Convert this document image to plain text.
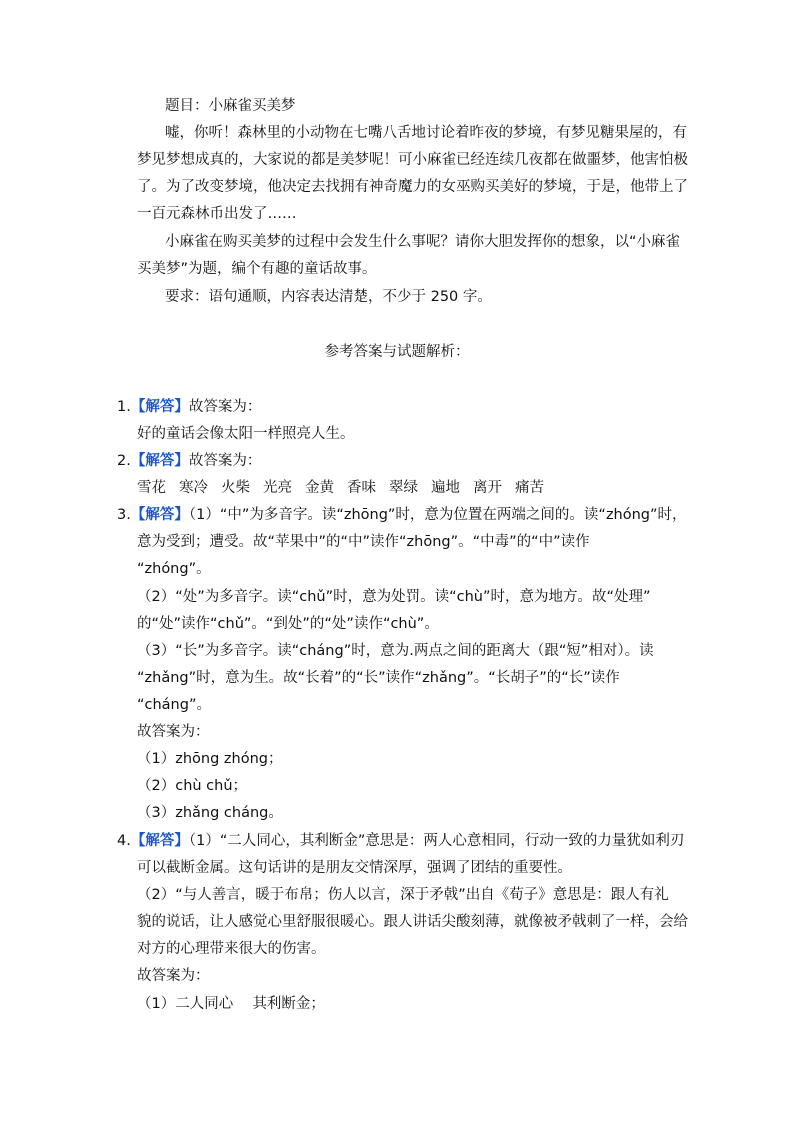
题目：小麻雀买美梦
嘘，你听！森林里的小动物在七嘴八舌地讨论着昨夜的梦境，有梦见糖果屋的，有
梦见梦想成真的，大家说的都是美梦呢！可小麻雀已经连续几夜都在做噩梦，他害怕极
了。为了改变梦境，他决定去找拥有神奇魔力的女巫购买美好的梦境，于是，他带上了
一百元森林币出发了……
小麻雀在购买美梦的过程中会发生什么事呢？请你大胆发挥你的想象，以“小麻雀
买美梦”为题，编个有趣的童话故事。
要求：语句通顺，内容表达清楚，不少于 250 字。
参考答案与试题解析：
1.【解答】故答案为：
好的童话会像太阳一样照亮人生。
2.【解答】故答案为：
雪花 寒冷 火柴 光亮 金黄 香味 翠绿 遍地 离开 痛苦
3.【解答】（1）“中”为多音字。读“zhōng”时，意为位置在两端之间的。读“zhóng”时，
意为受到；遭受。故“苹果中”的“中”读作“zhōng”。“中毒”的“中”读作
“zhóng”。
（2）“处”为多音字。读“chǔ”时，意为处罚。读“chù”时，意为地方。故“处理”
的“处”读作“chǔ”。“到处”的“处”读作“chù”。
（3）“长”为多音字。读“cháng”时，意为.两点之间的距离大（跟“短”相对）。读
“zhǎng”时，意为生。故“长着”的“长”读作“zhǎng”。“长胡子”的“长”读作
“cháng”。
故答案为：
（1）zhōng zhóng；
（2）chù chǔ；
（3）zhǎng cháng。
4.【解答】（1）“二人同心，其利断金”意思是：两人心意相同，行动一致的力量犹如利刃
可以截断金属。这句话讲的是朋友交情深厚，强调了团结的重要性。
（2）“与人善言，暖于布帛；伤人以言，深于矛戟”出自《荀子》意思是：跟人有礼
貌的说话，让人感觉心里舒服很暖心。跟人讲话尖酸刻薄，就像被矛戟刺了一样，会给
对方的心理带来很大的伤害。
故答案为：
（1）二人同心　 其利断金；
